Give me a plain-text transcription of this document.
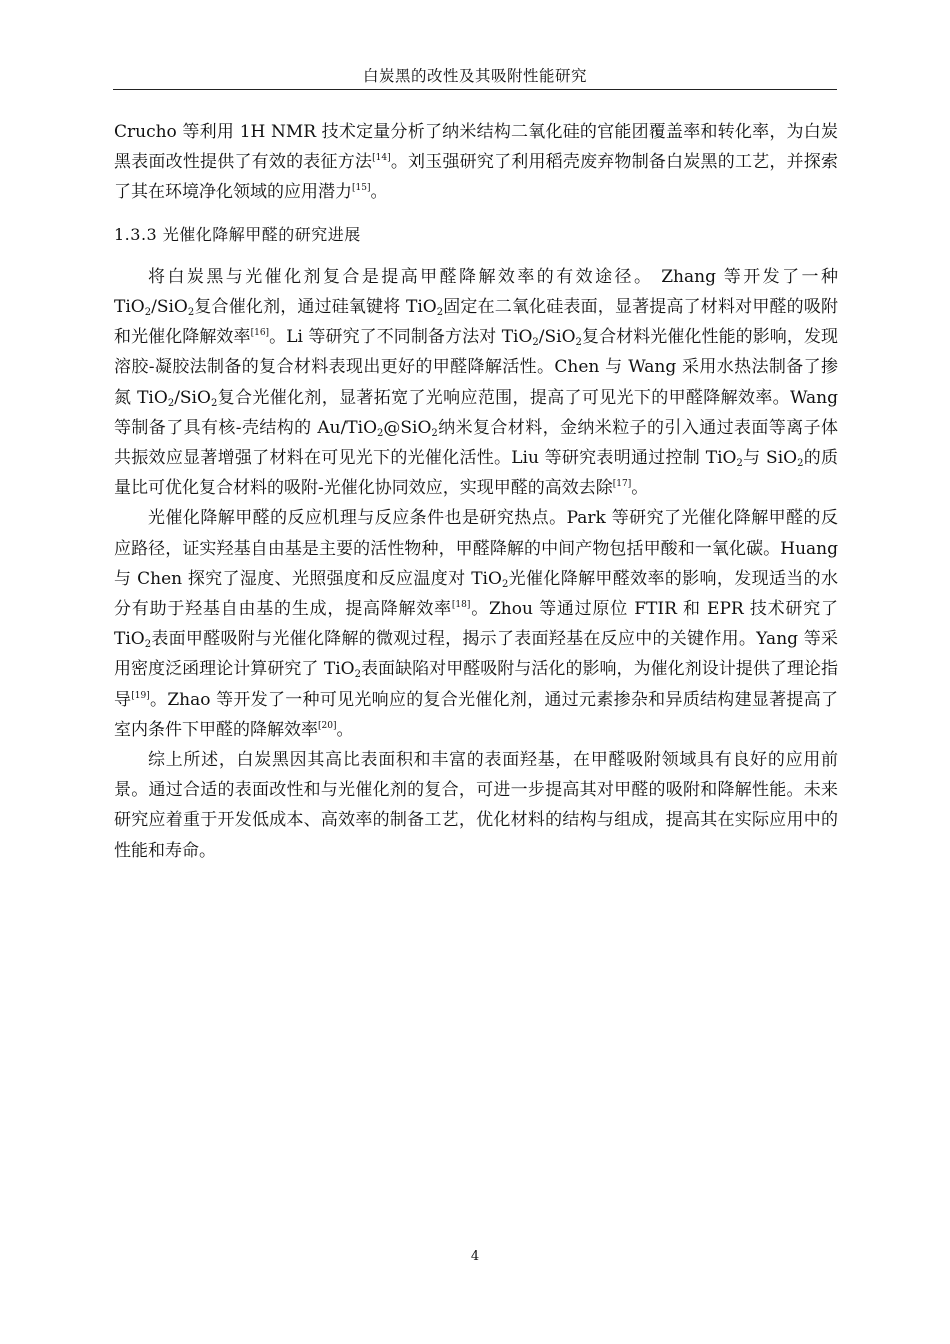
白炭黑的改性及其吸附性能研究

Crucho 等利用 1H NMR 技术定量分析了纳米结构二氧化硅的官能团覆盖率和转化率，为白炭黑表面改性提供了有效的表征方法[14]。刘玉强研究了利用稻壳废弃物制备白炭黑的工艺，并探索了其在环境净化领域的应用潜力[15]。

1.3.3 光催化降解甲醛的研究进展

将白炭黑与光催化剂复合是提高甲醛降解效率的有效途径。 Zhang 等开发了一种 TiO$_2$/SiO$_2$复合催化剂，通过硅氧键将 TiO$_2$固定在二氧化硅表面，显著提高了材料对甲醛的吸附和光催化降解效率[16]。Li 等研究了不同制备方法对 TiO$_2$/SiO$_2$复合材料光催化性能的影响，发现溶胶-凝胶法制备的复合材料表现出更好的甲醛降解活性。Chen 与 Wang 采用水热法制备了掺氮 TiO$_2$/SiO$_2$复合光催化剂，显著拓宽了光响应范围，提高了可见光下的甲醛降解效率。Wang 等制备了具有核-壳结构的 Au/TiO$_2$@SiO$_2$纳米复合材料，金纳米粒子的引入通过表面等离子体共振效应显著增强了材料在可见光下的光催化活性。Liu 等研究表明通过控制 TiO$_2$与 SiO$_2$的质量比可优化复合材料的吸附-光催化协同效应，实现甲醛的高效去除[17]。

光催化降解甲醛的反应机理与反应条件也是研究热点。Park 等研究了光催化降解甲醛的反应路径，证实羟基自由基是主要的活性物种，甲醛降解的中间产物包括甲酸和一氧化碳。Huang 与 Chen 探究了湿度、光照强度和反应温度对 TiO$_2$光催化降解甲醛效率的影响，发现适当的水分有助于羟基自由基的生成，提高降解效率[18]。Zhou 等通过原位 FTIR 和 EPR 技术研究了 TiO$_2$表面甲醛吸附与光催化降解的微观过程，揭示了表面羟基在反应中的关键作用。Yang 等采用密度泛函理论计算研究了 TiO$_2$表面缺陷对甲醛吸附与活化的影响，为催化剂设计提供了理论指导[19]。Zhao 等开发了一种可见光响应的复合光催化剂，通过元素掺杂和异质结构建显著提高了室内条件下甲醛的降解效率[20]。

综上所述，白炭黑因其高比表面积和丰富的表面羟基，在甲醛吸附领域具有良好的应用前景。通过合适的表面改性和与光催化剂的复合，可进一步提高其对甲醛的吸附和降解性能。未来研究应着重于开发低成本、高效率的制备工艺，优化材料的结构与组成，提高其在实际应用中的性能和寿命。

4
